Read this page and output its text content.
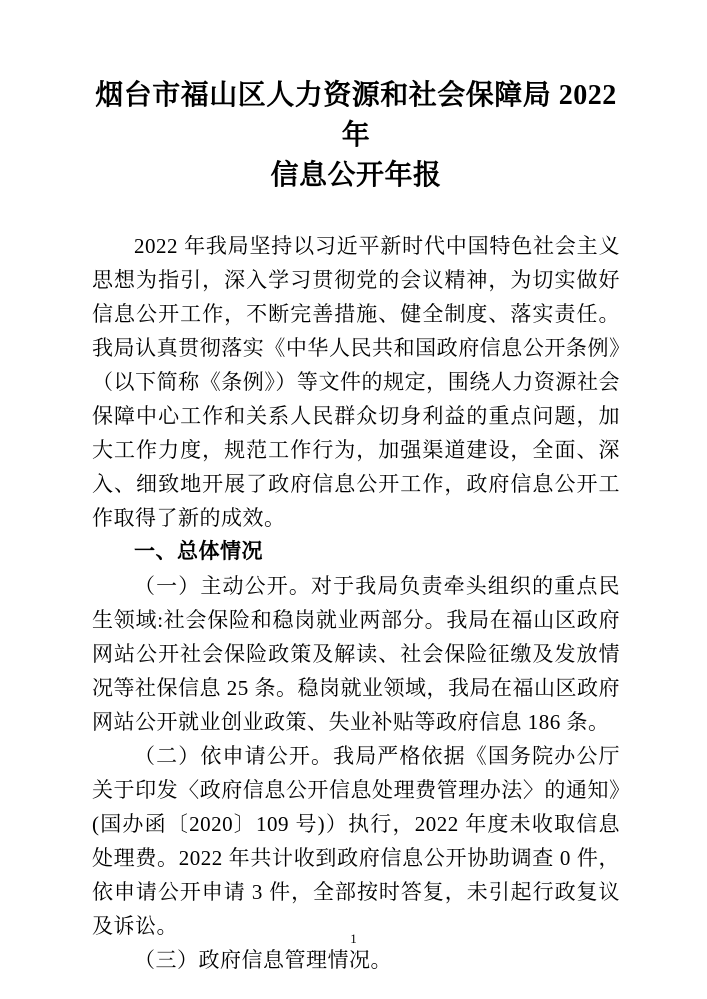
烟台市福山区人力资源和社会保障局 2022 年
信息公开年报

2022 年我局坚持以习近平新时代中国特色社会主义思想为指引，深入学习贯彻党的会议精神，为切实做好信息公开工作，不断完善措施、健全制度、落实责任。我局认真贯彻落实《中华人民共和国政府信息公开条例》（以下简称《条例》）等文件的规定，围绕人力资源社会保障中心工作和关系人民群众切身利益的重点问题，加大工作力度，规范工作行为，加强渠道建设，全面、深入、细致地开展了政府信息公开工作，政府信息公开工作取得了新的成效。

一、总体情况

（一）主动公开。对于我局负责牵头组织的重点民生领域:社会保险和稳岗就业两部分。我局在福山区政府网站公开社会保险政策及解读、社会保险征缴及发放情况等社保信息 25 条。稳岗就业领域，我局在福山区政府网站公开就业创业政策、失业补贴等政府信息 186 条。

（二）依申请公开。我局严格依据《国务院办公厅关于印发〈政府信息公开信息处理费管理办法〉的通知》(国办函〔2020〕109 号)）执行，2022 年度未收取信息处理费。2022 年共计收到政府信息公开协助调查 0 件，依申请公开申请 3 件，全部按时答复，未引起行政复议及诉讼。

（三）政府信息管理情况。

1
